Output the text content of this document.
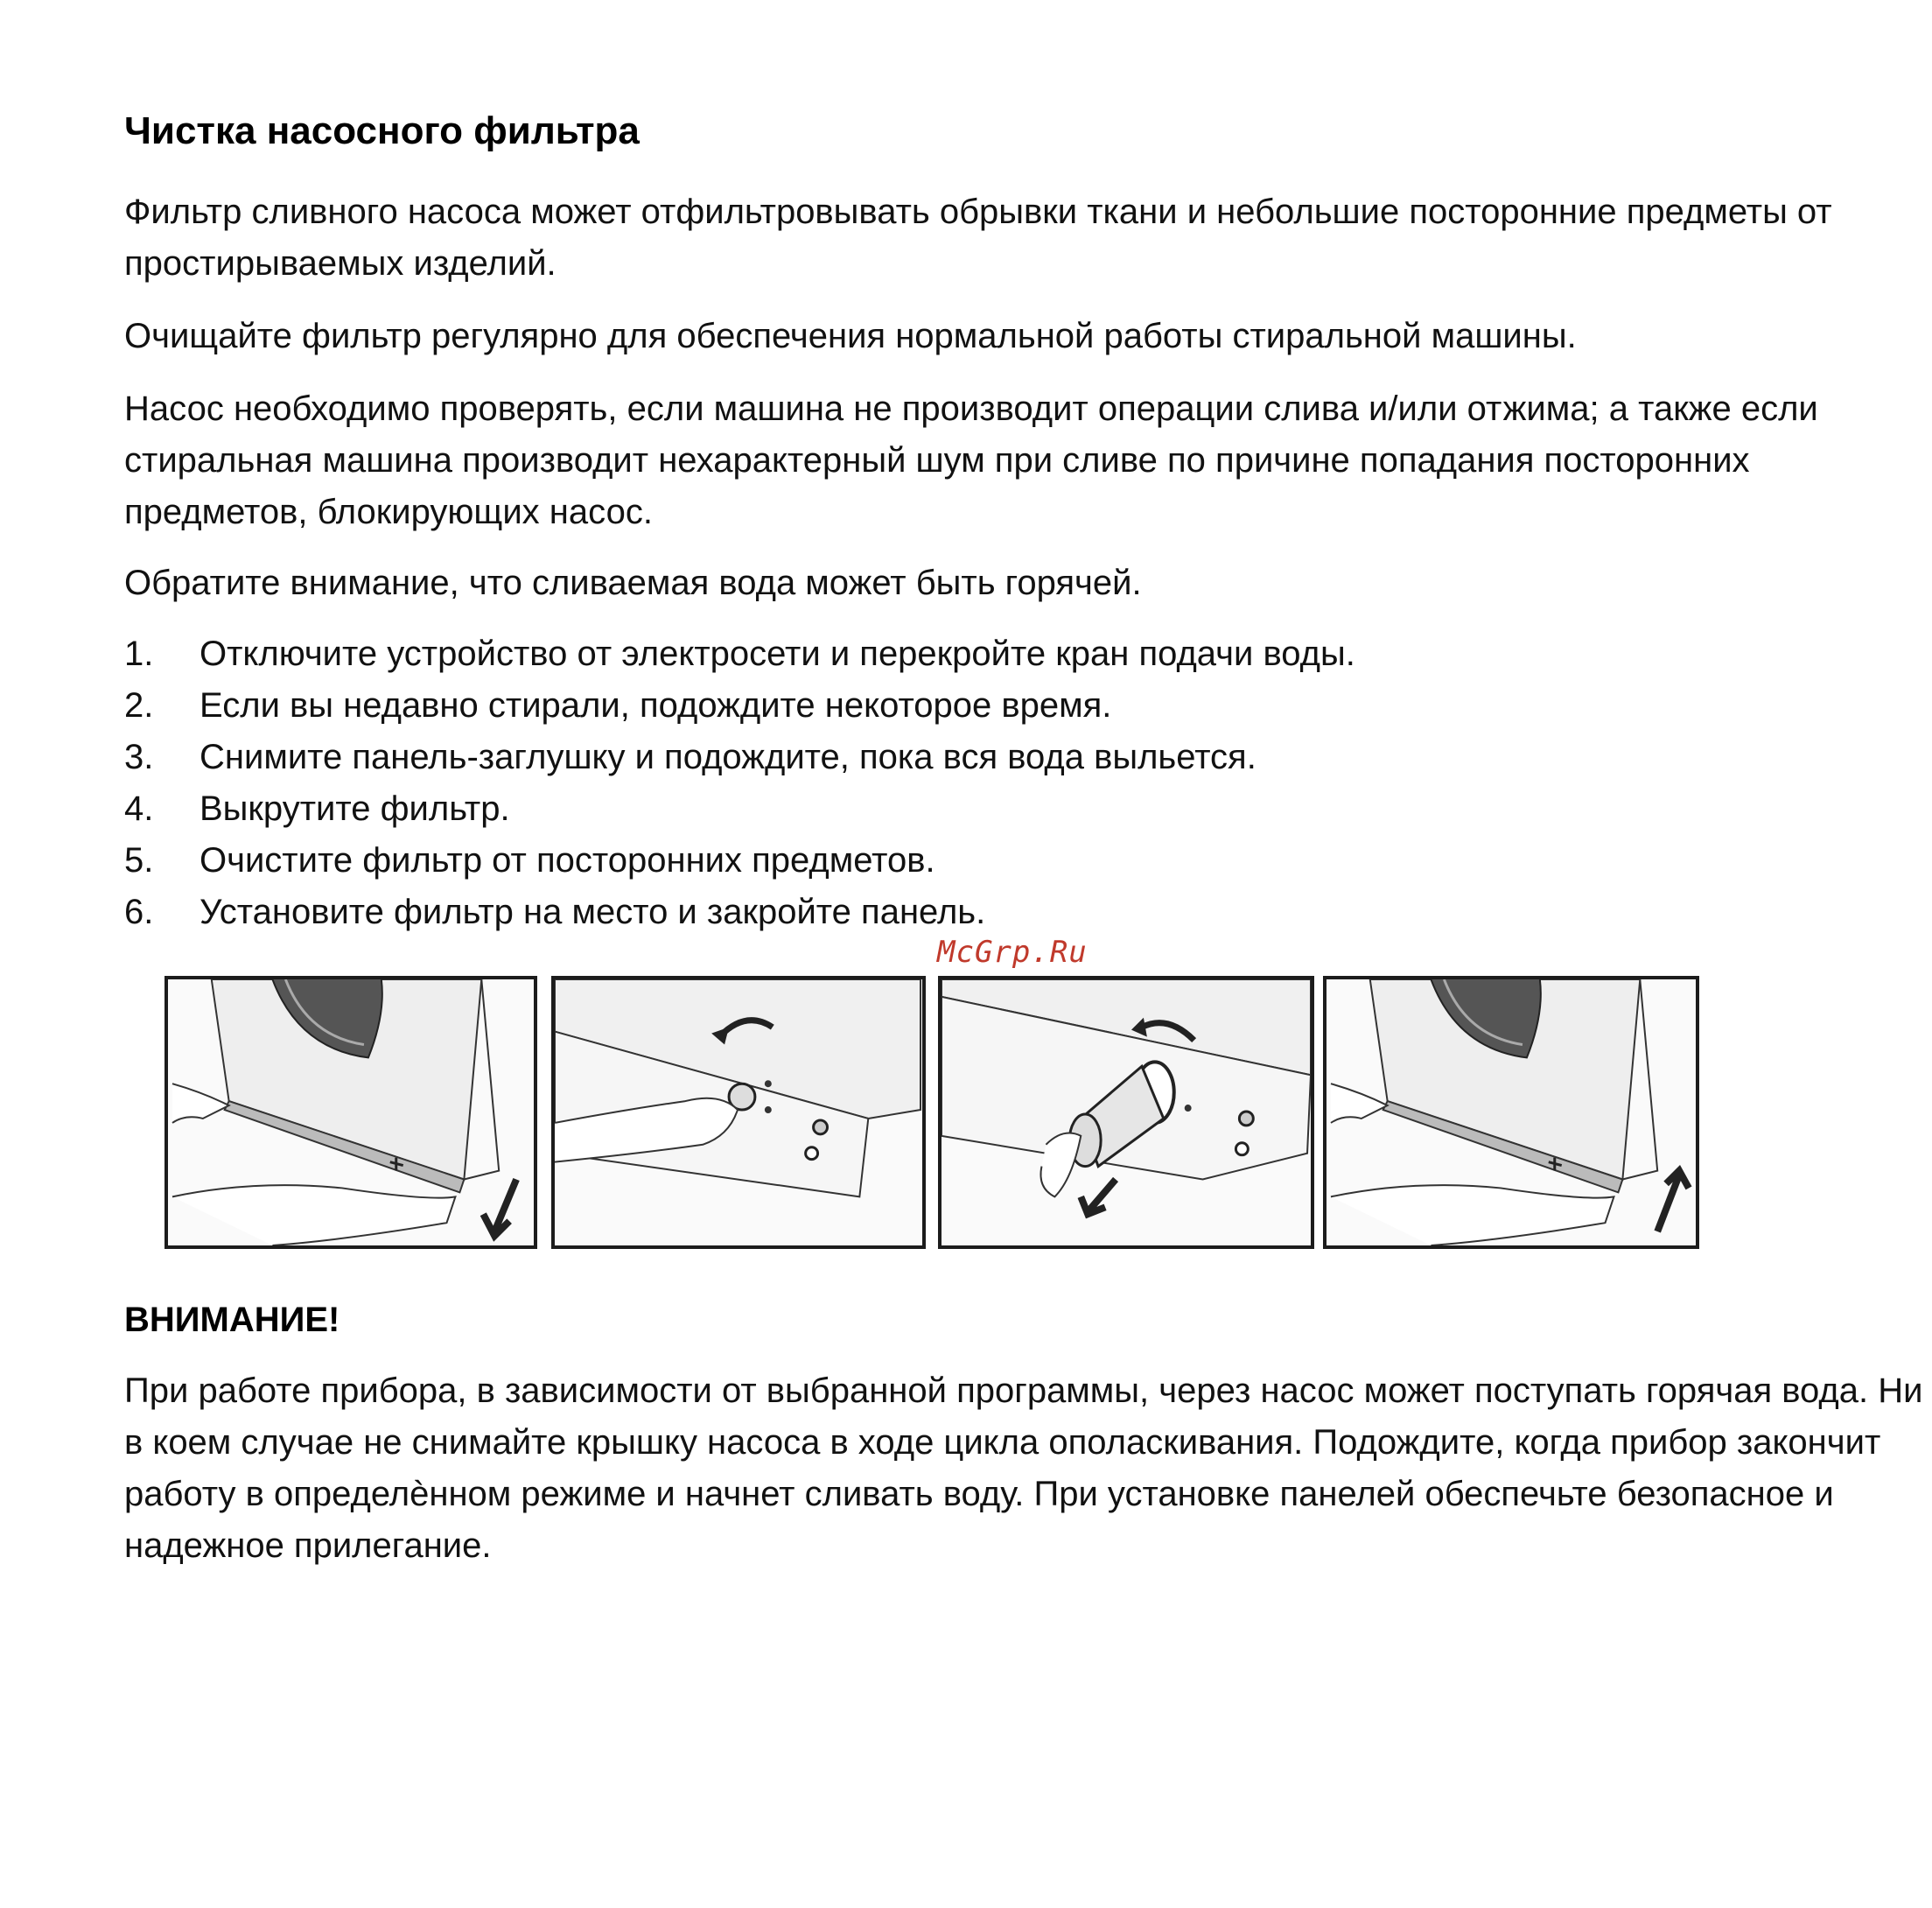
Чистка насосного фильтра

Фильтр сливного насоса может отфильтровывать обрывки ткани и небольшие посторонние предметы от простирываемых изделий.

Очищайте фильтр регулярно для обеспечения нормальной работы стиральной машины.

Насос необходимо проверять, если машина не производит операции слива и/или отжима; а также если стиральная машина производит нехарактерный шум при сливе по причине попадания посторонних предметов, блокирующих насос.

Обратите внимание, что сливаемая вода может быть горячей.

1.	Отключите устройство от электросети и перекройте кран подачи воды.
2.	Если вы недавно стирали, подождите некоторое время.
3.	Снимите панель-заглушку и подождите, пока вся вода выльется.
4.	Выкрутите фильтр.
5.	Очистите фильтр от посторонних предметов.
6.	Установите фильтр на место и закройте панель.
McGrp.Ru
ВНИМАНИЕ!

При работе прибора, в зависимости от выбранной программы, через насос может поступать горячая вода. Ни в коем случае не снимайте крышку насоса в ходе цикла ополаскивания. Подождите, когда прибор закончит работу в определѐнном режиме и начнет сливать воду. При установке панелей обеспечьте безопасное и надежное прилегание.
